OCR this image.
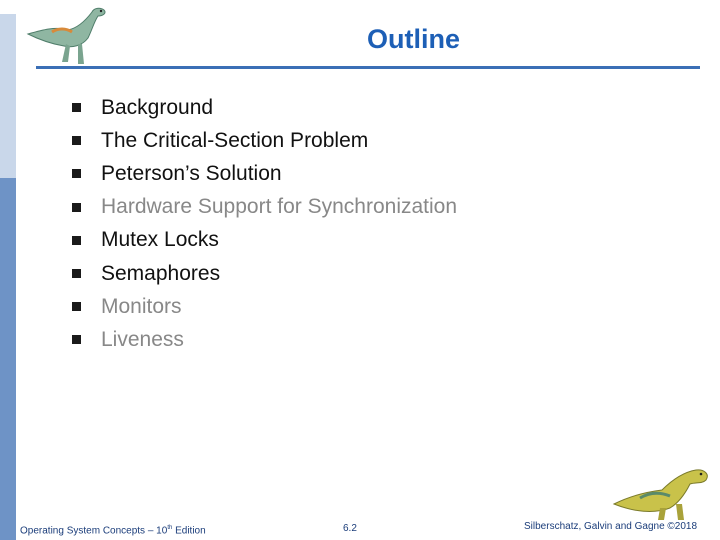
Outline
Background
The Critical-Section Problem
Peterson’s Solution
Hardware Support for Synchronization
Mutex Locks
Semaphores
Monitors
Liveness
Operating System Concepts – 10th Edition	6.2	Silberschatz, Galvin and Gagne ©2018
